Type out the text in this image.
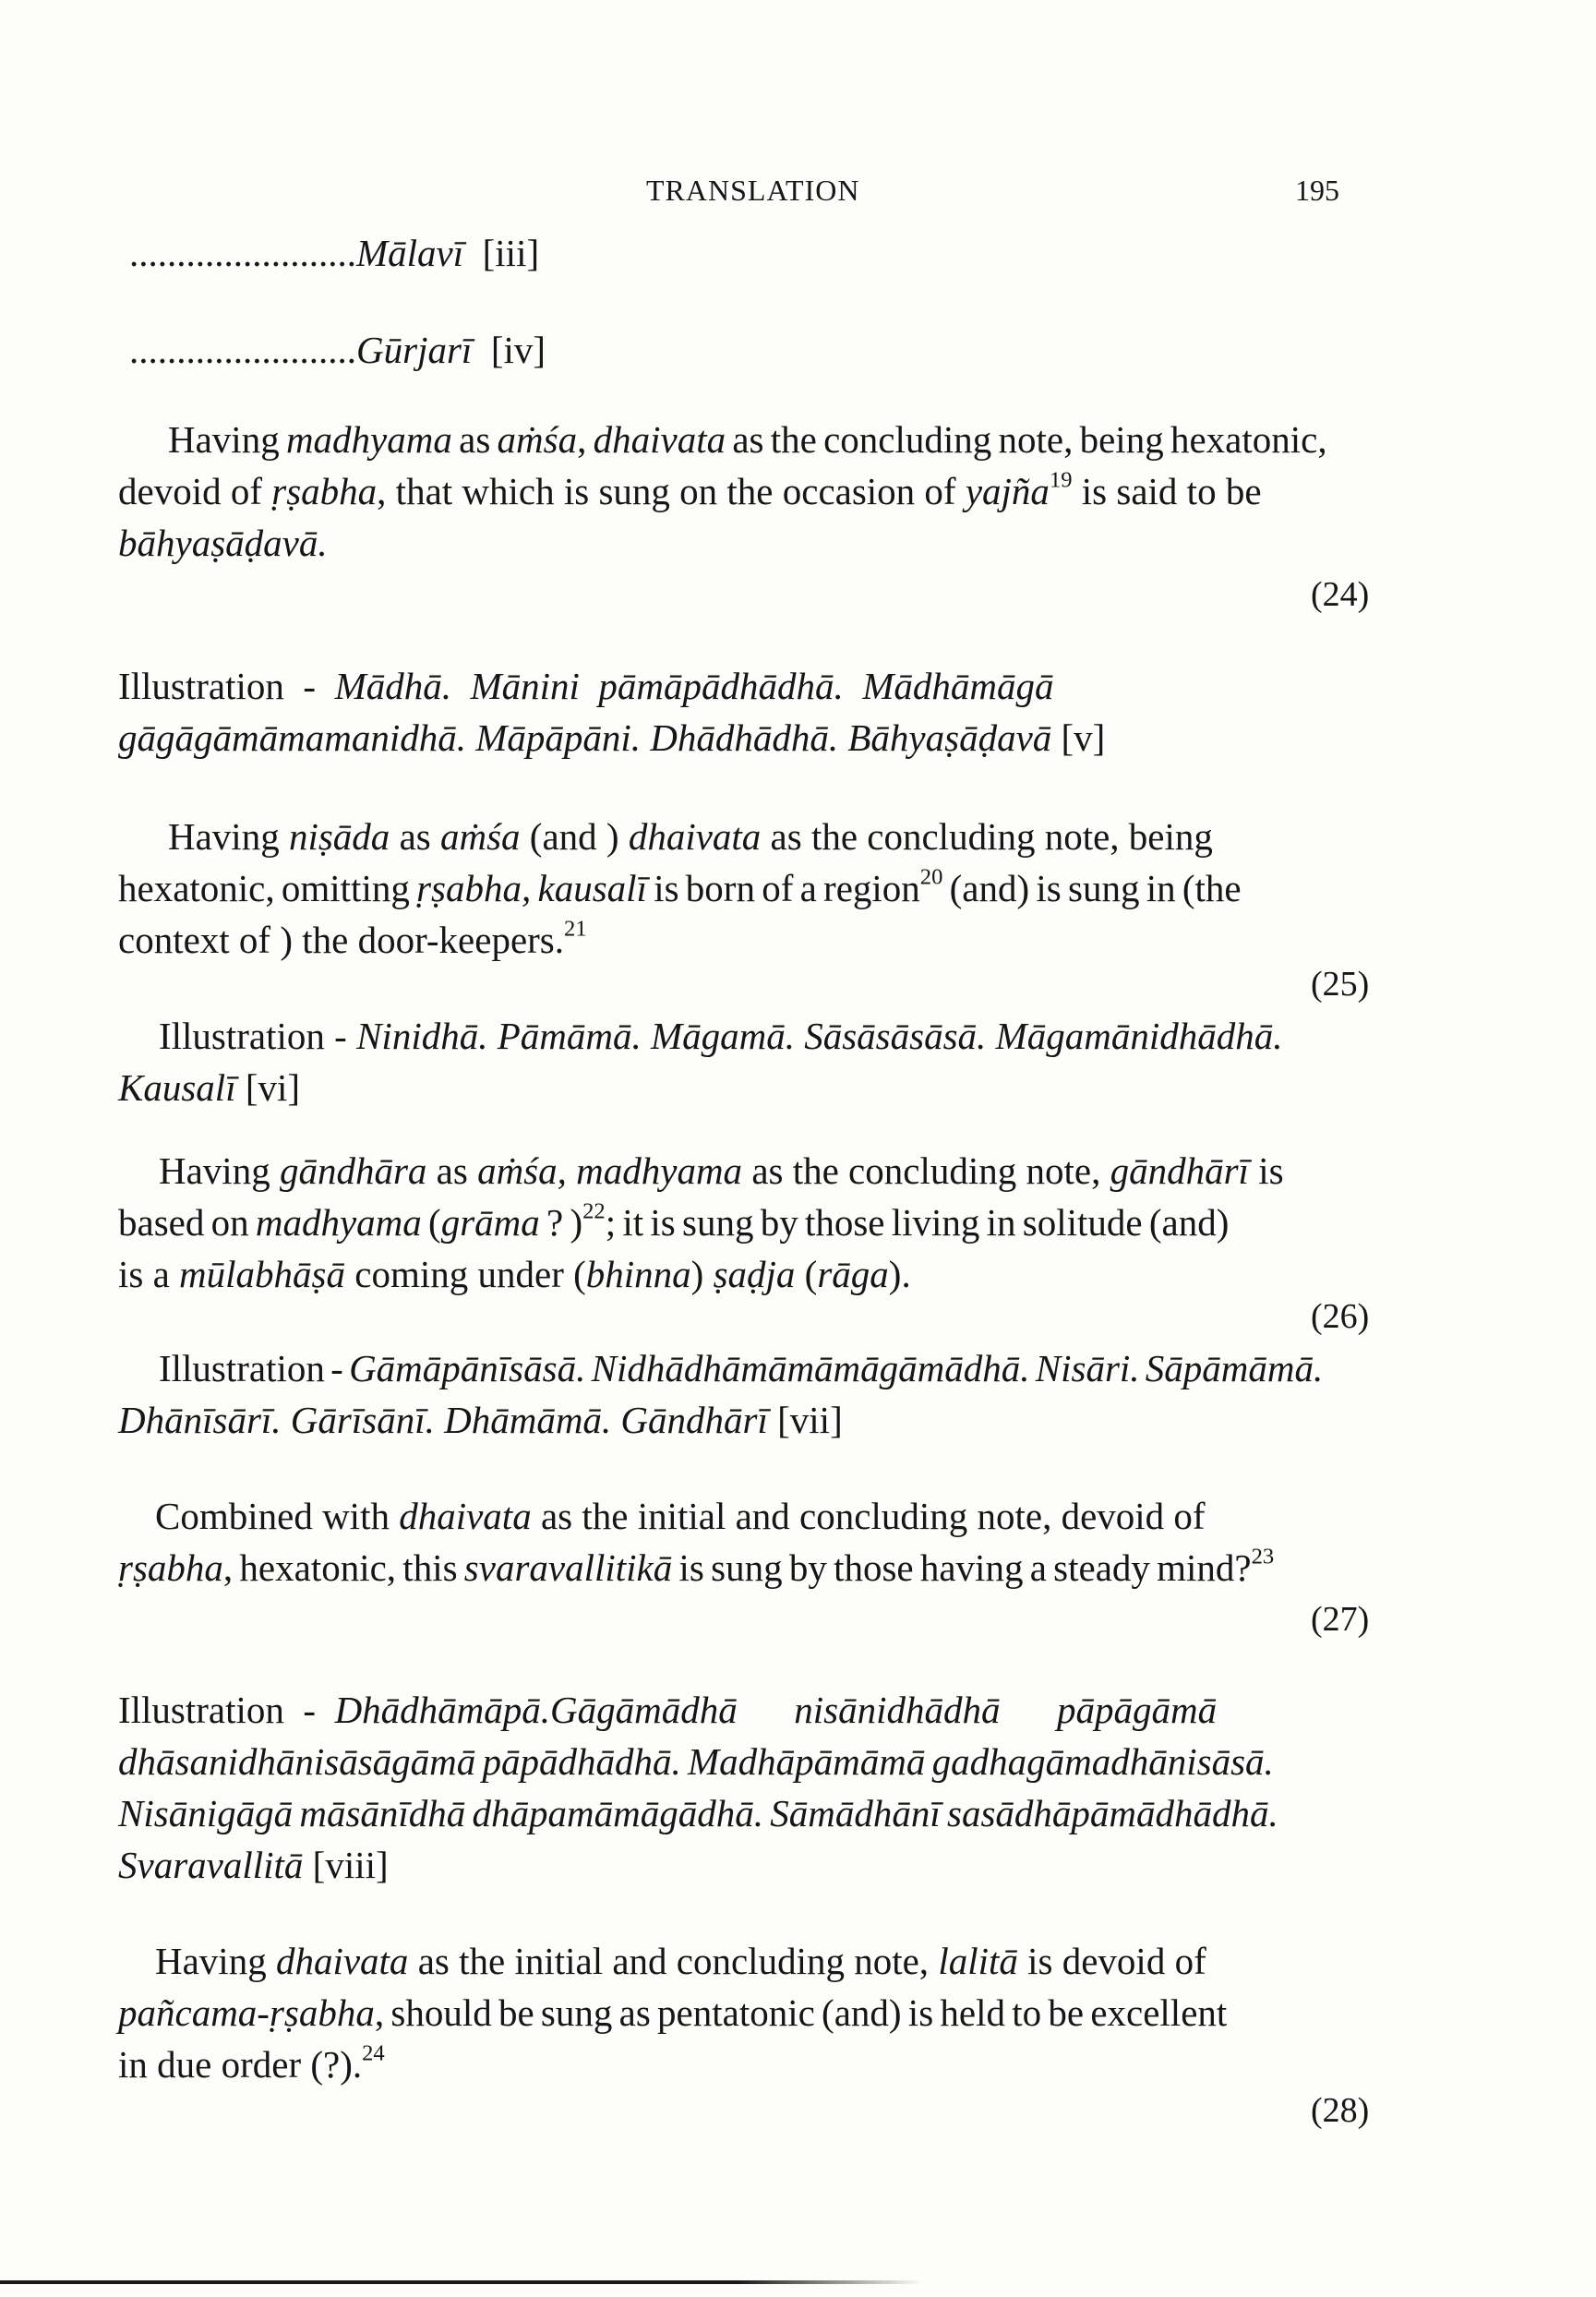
TRANSLATION	195
........................Mālavī [iii]
........................Gūrjarī [iv]
Having madhyama as aṁśa, dhaivata as the concluding note, being hexatonic,
devoid of ṛṣabha, that which is sung on the occasion of yajña$^{19}$ is said to be
bāhyaṣāḍavā.
(24)
Illustration  -  Mādhā.  Mānini  pāmāpādhādhā.  Mādhāmāgā
gāgāgāmāmamanidhā. Māpāpāni. Dhādhādhā. Bāhyaṣāḍavā [v]
Having niṣāda as aṁśa (and ) dhaivata as the concluding note, being
hexatonic, omitting ṛṣabha, kausalī is born of a region$^{20}$ (and) is sung in (the
context of ) the door-keepers.$^{21}$
(25)
Illustration - Ninidhā. Pāmāmā. Māgamā. Sāsāsāsāsā. Māgamānidhādhā.
Kausalī [vi]
Having gāndhāra as aṁśa, madhyama as the concluding note, gāndhārī is
based on madhyama (grāma ? )$^{22}$; it is sung by those living in solitude (and)
is a mūlabhāṣā coming under (bhinna) ṣaḍja (rāga).
(26)
Illustration - Gāmāpānīsāsā. Nidhādhāmāmāmāgāmādhā. Nisāri. Sāpāmāmā.
Dhānīsārī. Gārīsānī. Dhāmāmā. Gāndhārī [vii]
Combined with dhaivata as the initial and concluding note, devoid of
ṛṣabha, hexatonic, this svaravallitikā is sung by those having a steady mind?$^{23}$
(27)
Illustration  -  Dhādhāmāpā.Gāgāmādhā      nisānidhādhā      pāpāgāmā
dhāsanidhānisāsāgāmā pāpādhādhā. Madhāpāmāmā gadhagāmadhānisāsā.
Nisānigāgā māsānīdhā dhāpamāmāgādhā. Sāmādhānī sasādhāpāmādhādhā.
Svaravallitā [viii]
Having dhaivata as the initial and concluding note, lalitā is devoid of
pañcama-ṛṣabha, should be sung as pentatonic (and) is held to be excellent
in due order (?).$^{24}$
(28)
